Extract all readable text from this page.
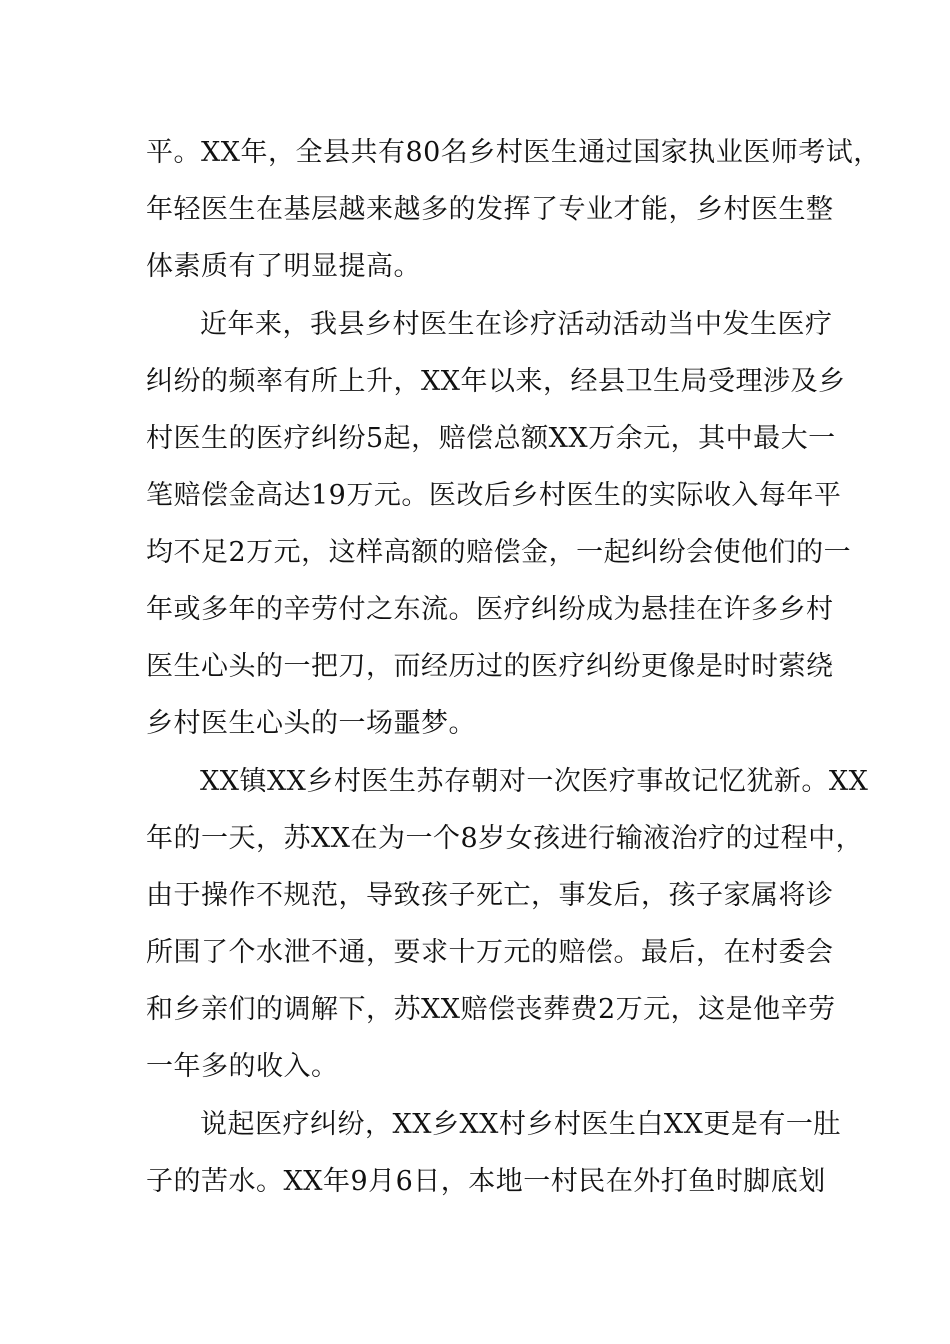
平。XX年，全县共有80名乡村医生通过国家执业医师考试，
年轻医生在基层越来越多的发挥了专业才能，乡村医生整
体素质有了明显提高。
近年来，我县乡村医生在诊疗活动活动当中发生医疗
纠纷的频率有所上升，XX年以来，经县卫生局受理涉及乡
村医生的医疗纠纷5起，赔偿总额XX万余元，其中最大一
笔赔偿金高达19万元。医改后乡村医生的实际收入每年平
均不足2万元，这样高额的赔偿金，一起纠纷会使他们的一
年或多年的辛劳付之东流。医疗纠纷成为悬挂在许多乡村
医生心头的一把刀，而经历过的医疗纠纷更像是时时萦绕
乡村医生心头的一场噩梦。
XX镇XX乡村医生苏存朝对一次医疗事故记忆犹新。XX
年的一天，苏XX在为一个8岁女孩进行输液治疗的过程中，
由于操作不规范，导致孩子死亡，事发后，孩子家属将诊
所围了个水泄不通，要求十万元的赔偿。最后，在村委会
和乡亲们的调解下，苏XX赔偿丧葬费2万元，这是他辛劳
一年多的收入。
说起医疗纠纷，XX乡XX村乡村医生白XX更是有一肚
子的苦水。XX年9月6日，本地一村民在外打鱼时脚底划
